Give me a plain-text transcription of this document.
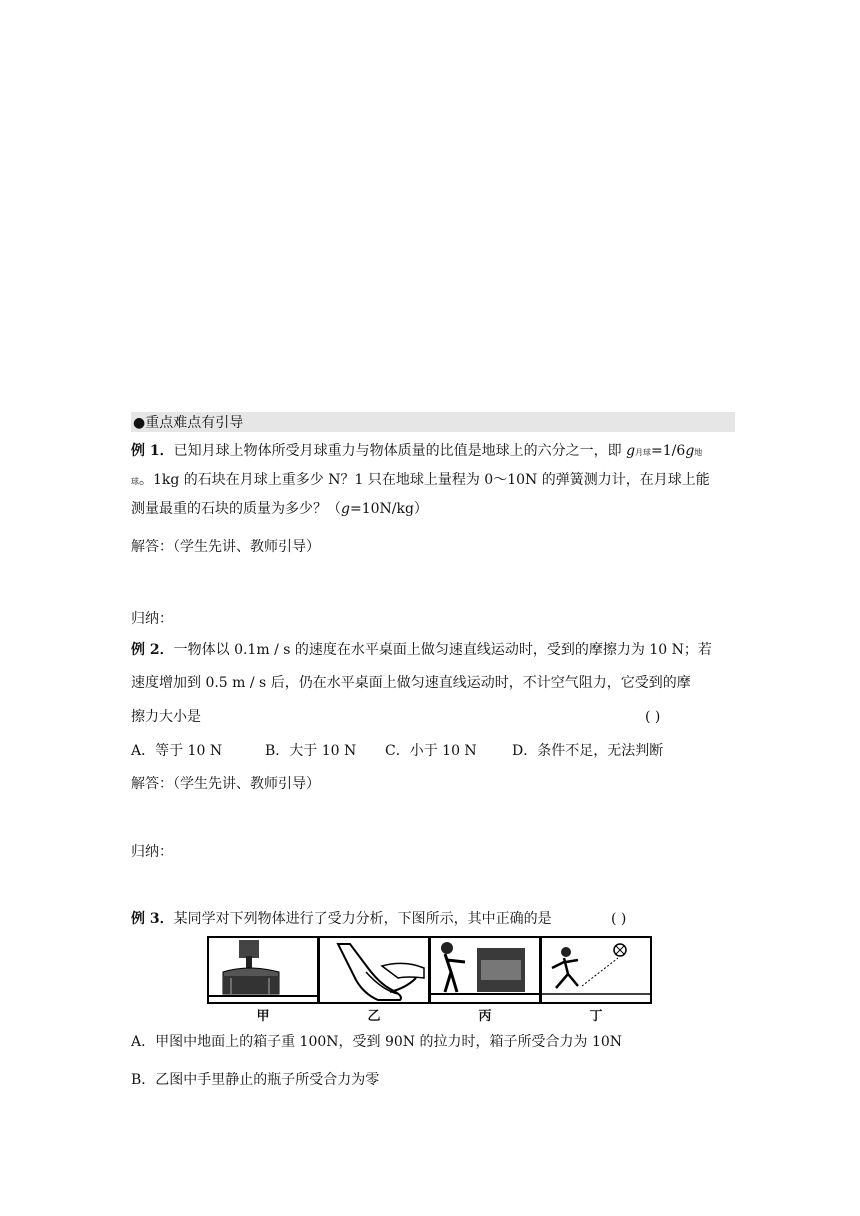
●重点难点有引导
例 1．已知月球上物体所受月球重力与物体质量的比值是地球上的六分之一，即 g月球=1/6g地
球。1kg 的石块在月球上重多少 N？1 只在地球上量程为 0～10N 的弹簧测力计，在月球上能
测量最重的石块的质量为多少？（g=10N/kg）
解答：（学生先讲、教师引导）
归纳：
例 2．一物体以 0.1m / s 的速度在水平桌面上做匀速直线运动时，受到的摩擦力为 10 N；若
速度增加到 0.5 m / s 后，仍在水平桌面上做匀速直线运动时，不计空气阻力，它受到的摩
擦力大小是	( )
A．等于 10 N	B．大于 10 N C．小于 10 N	D．条件不足，无法判断
解答：（学生先讲、教师引导）
归纳：
例 3．某同学对下列物体进行了受力分析，下图所示，其中正确的是	( )
甲	乙	丙	丁
A．甲图中地面上的箱子重 100N，受到 90N 的拉力时，箱子所受合力为 10N
B．乙图中手里静止的瓶子所受合力为零
